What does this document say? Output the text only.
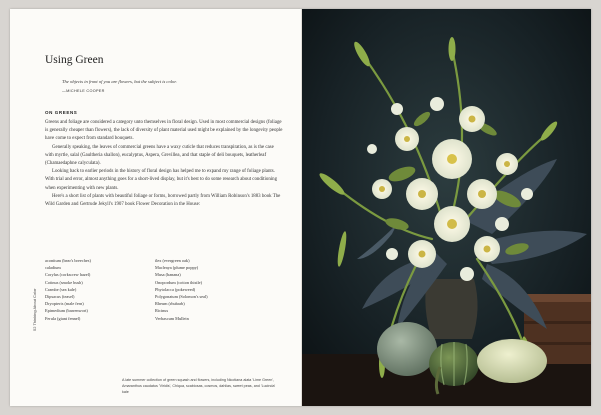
Using Green
The objects in front of you are flowers, but the subject is color.
—MICHELE COOPER
ON GREENS

Greens and foliage are considered a category unto themselves in floral design. Used in most commercial designs (foliage is generally cheaper than flowers), the lack of diversity of plant material used might be explained by the longevity people have come to expect from standard bouquets.

Generally speaking, the leaves of commercial greens have a waxy cuticle that reduces transpiration, as is the case with myrtle, salal (Gaultheria shallon), eucalyptus, Aspera, Grevillea, and that staple of deli bouquets, leatherleaf (Chamaedaphne calyculata).

Looking back to earlier periods in the history of floral design has helped me to expand my range of foliage plants. With trial and error, almost anything goes for a short-lived display, but it's best to do some research about conditioning when experimenting with new plants.

Here's a short list of plants with beautiful foliage or forms, borrowed partly from William Robinson's 1883 book The Wild Garden and Gertrude Jekyll's 1907 book Flower Decoration in the House:

52 Thinking About Color
aconitum (bear's breeches)
caladium
Corylus (corkscrew hazel)
Cotinus (smoke bush)
Crambe (sea kale)
Dipsacus (teasel)
Dryopteris (male fern)
Epimedium (barrenwort)
Ferula (giant fennel)
ilex (evergreen oak)
Macleaya (plume poppy)
Musa (banana)
Onopordum (cotton thistle)
Phytolacca (pokeweed)
Polygonatum (Solomon's seal)
Rheum (rhubarb)
Ricinus
Verbascum Mullein
A late summer collection of green squash and flowers, including Nicotiana alata 'Lime Green', Amaranthus caudatus 'Viridis', Chiqua, scabiosas, cosmos, dahlias, sweet peas, and 'Lucinda' kale
